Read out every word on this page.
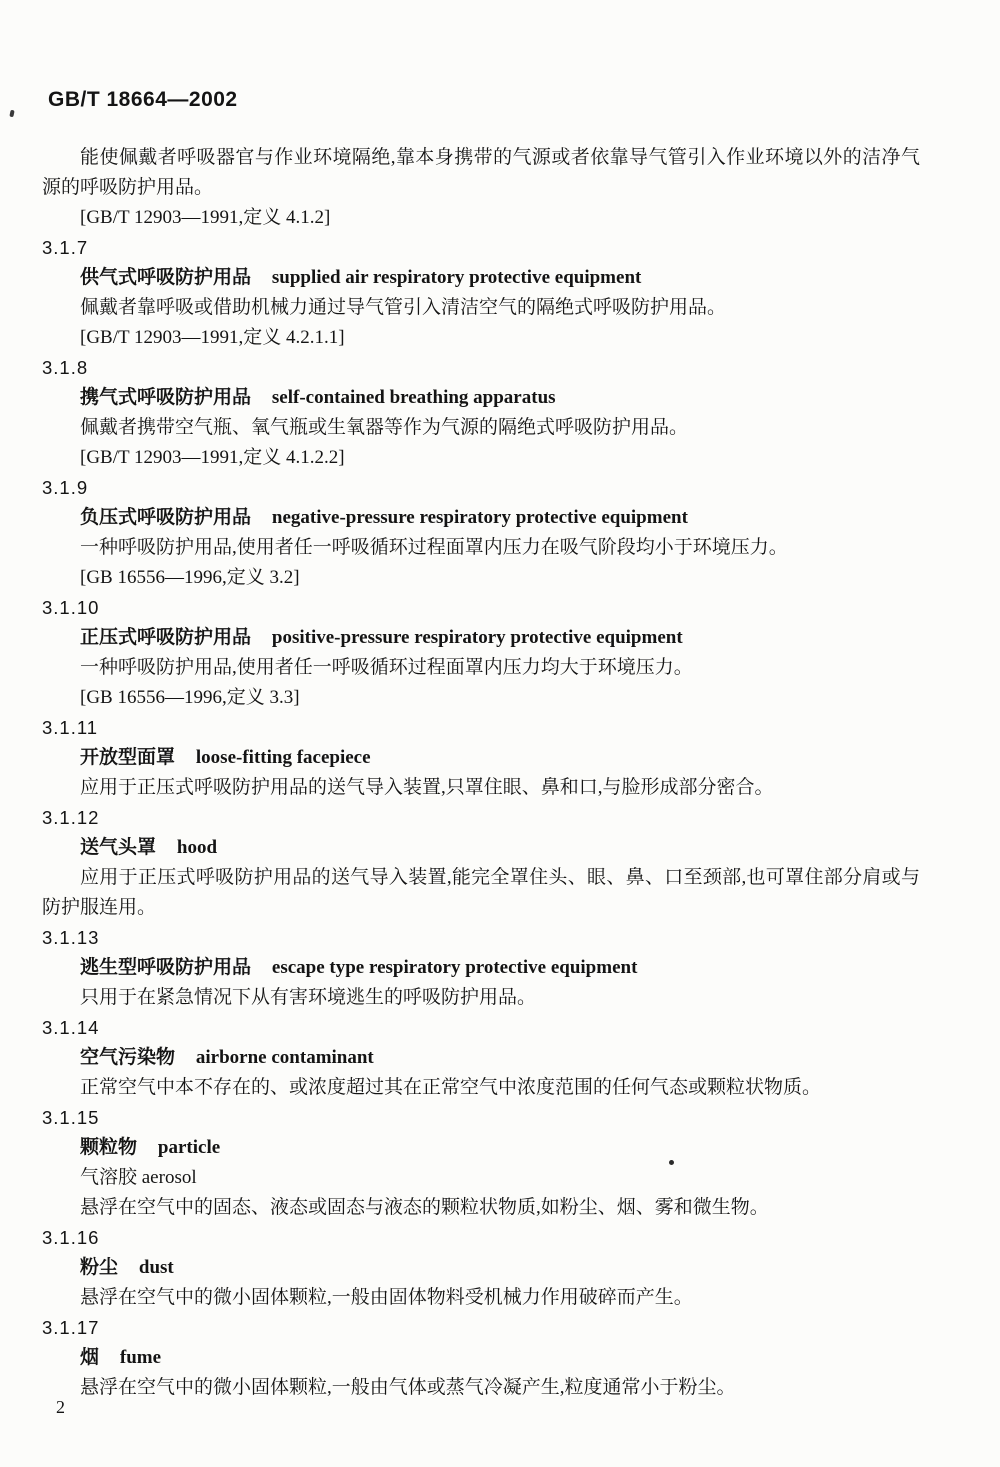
GB/T 18664—2002

能使佩戴者呼吸器官与作业环境隔绝,靠本身携带的气源或者依靠导气管引入作业环境以外的洁净气源的呼吸防护用品。

[GB/T 12903—1991,定义 4.1.2]
3.1.7
供气式呼吸防护用品 supplied air respiratory protective equipment

佩戴者靠呼吸或借助机械力通过导气管引入清洁空气的隔绝式呼吸防护用品。

[GB/T 12903—1991,定义 4.2.1.1]
3.1.8
携气式呼吸防护用品 self-contained breathing apparatus

佩戴者携带空气瓶、氧气瓶或生氧器等作为气源的隔绝式呼吸防护用品。

[GB/T 12903—1991,定义 4.1.2.2]
3.1.9
负压式呼吸防护用品 negative-pressure respiratory protective equipment

一种呼吸防护用品,使用者任一呼吸循环过程面罩内压力在吸气阶段均小于环境压力。

[GB 16556—1996,定义 3.2]
3.1.10
正压式呼吸防护用品 positive-pressure respiratory protective equipment

一种呼吸防护用品,使用者任一呼吸循环过程面罩内压力均大于环境压力。

[GB 16556—1996,定义 3.3]
3.1.11
开放型面罩 loose-fitting facepiece

应用于正压式呼吸防护用品的送气导入装置,只罩住眼、鼻和口,与脸形成部分密合。

3.1.12
送气头罩 hood

应用于正压式呼吸防护用品的送气导入装置,能完全罩住头、眼、鼻、口至颈部,也可罩住部分肩或与防护服连用。

3.1.13
逃生型呼吸防护用品 escape type respiratory protective equipment

只用于在紧急情况下从有害环境逃生的呼吸防护用品。

3.1.14
空气污染物 airborne contaminant

正常空气中本不存在的、或浓度超过其在正常空气中浓度范围的任何气态或颗粒状物质。

3.1.15
颗粒物 particle
气溶胶 aerosol

悬浮在空气中的固态、液态或固态与液态的颗粒状物质,如粉尘、烟、雾和微生物。

3.1.16
粉尘 dust

悬浮在空气中的微小固体颗粒,一般由固体物料受机械力作用破碎而产生。

3.1.17
烟 fume

悬浮在空气中的微小固体颗粒,一般由气体或蒸气冷凝产生,粒度通常小于粉尘。

2
